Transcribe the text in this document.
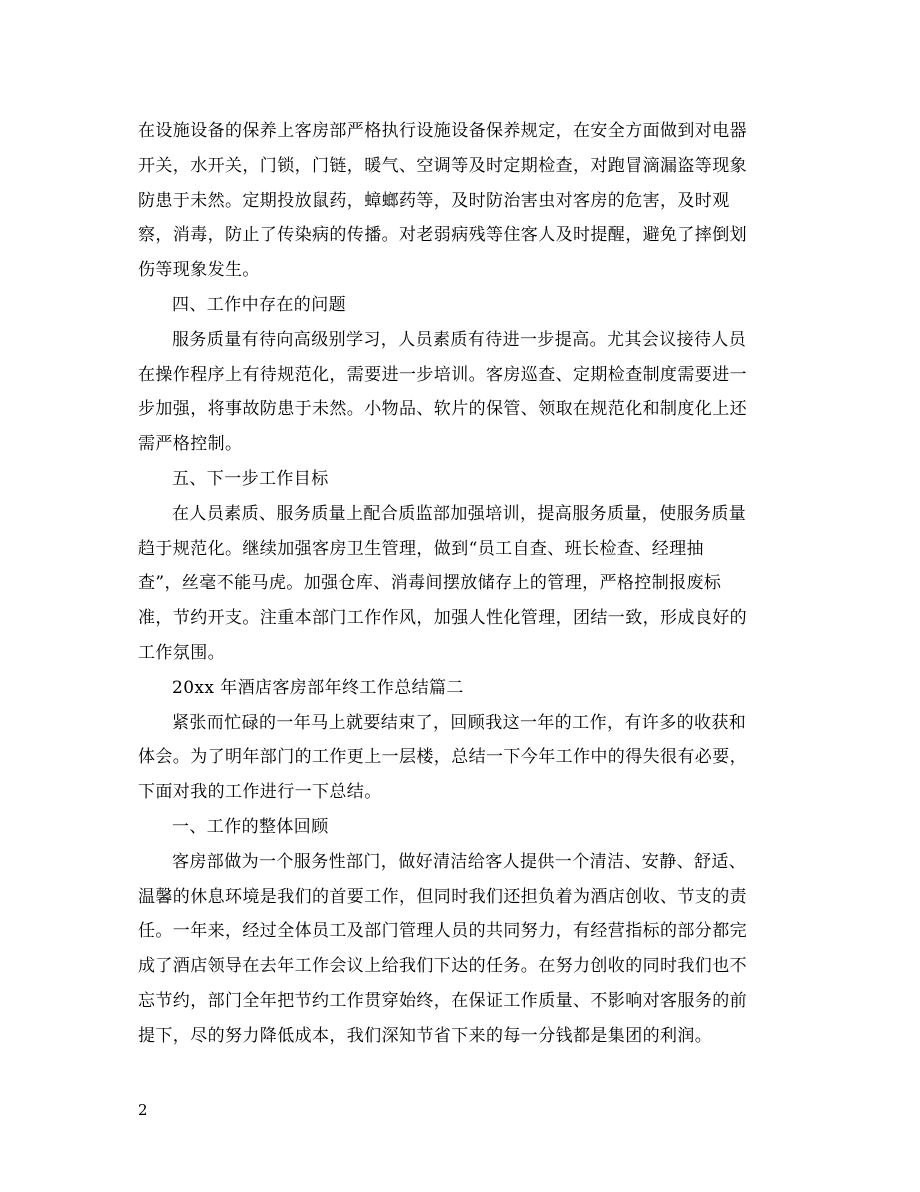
在设施设备的保养上客房部严格执行设施设备保养规定，在安全方面做到对电器
开关，水开关，门锁，门链，暖气、空调等及时定期检查，对跑冒滴漏盗等现象
防患于未然。定期投放鼠药，蟑螂药等，及时防治害虫对客房的危害，及时观
察，消毒，防止了传染病的传播。对老弱病残等住客人及时提醒，避免了摔倒划
伤等现象发生。

四、工作中存在的问题

服务质量有待向高级别学习，人员素质有待进一步提高。尤其会议接待人员
在操作程序上有待规范化，需要进一步培训。客房巡查、定期检查制度需要进一
步加强，将事故防患于未然。小物品、软片的保管、领取在规范化和制度化上还
需严格控制。

五、下一步工作目标

在人员素质、服务质量上配合质监部加强培训，提高服务质量，使服务质量
趋于规范化。继续加强客房卫生管理，做到“员工自查、班长检查、经理抽
查”，丝毫不能马虎。加强仓库、消毒间摆放储存上的管理，严格控制报废标
准，节约开支。注重本部门工作作风，加强人性化管理，团结一致，形成良好的
工作氛围。

20xx 年酒店客房部年终工作总结篇二

紧张而忙碌的一年马上就要结束了，回顾我这一年的工作，有许多的收获和
体会。为了明年部门的工作更上一层楼，总结一下今年工作中的得失很有必要，
下面对我的工作进行一下总结。

一、工作的整体回顾

客房部做为一个服务性部门，做好清洁给客人提供一个清洁、安静、舒适、
温馨的休息环境是我们的首要工作，但同时我们还担负着为酒店创收、节支的责
任。一年来，经过全体员工及部门管理人员的共同努力，有经营指标的部分都完
成了酒店领导在去年工作会议上给我们下达的任务。在努力创收的同时我们也不
忘节约，部门全年把节约工作贯穿始终，在保证工作质量、不影响对客服务的前
提下，尽的努力降低成本，我们深知节省下来的每一分钱都是集团的利润。
2
